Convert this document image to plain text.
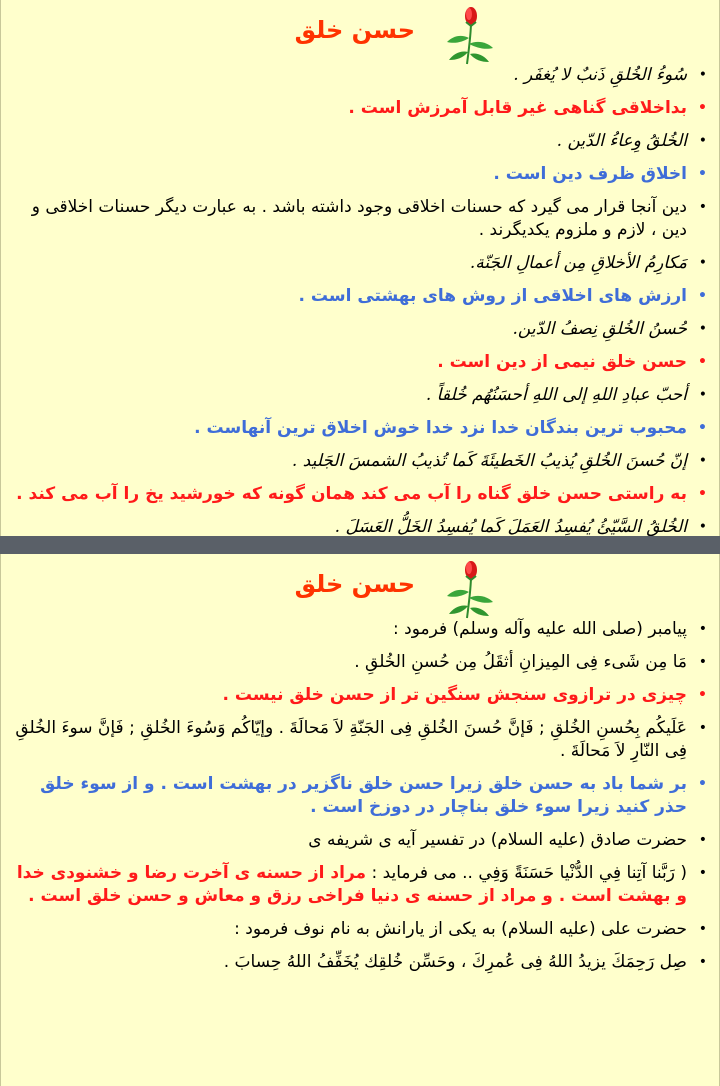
حسن خلق

•
سُوءُ الخُلقِ ذَنبٌ لا يُغفَر .

•
بداخلاقی گناهی غیر قابل آمرزش است .

•
الخُلقُ وِعاءُ الدّين .

•
اخلاق ظرف دین است .

•
دین آنجا قرار می گیرد که حسنات اخلاقی وجود داشته باشد . به عبارت دیگر حسنات اخلاقی و دین ، لازم و ملزوم یکدیگرند .

•
مَكارِمُ الأخلاقِ مِن أعمالِ الجَنّة.

•
ارزش های اخلاقی از روش های بهشتی است .

•
حُسنُ الخُلقِ نِصفُ الدّين.

•
حسن خلق نیمی از دین است .

•
أحبّ عبادِ اللهِ إلى اللهِ أحسَنُهُم خُلقاً .

•
محبوب ترین بندگان خدا نزد خدا خوش اخلاق ترین آنهاست .

•
إنّ حُسنَ الخُلقِ يُذيبُ الخَطيئَةَ كَما تُذيبُ الشمسَ الجَليد .

•
به راستی حسن خلق گناه را آب می کند همان گونه که خورشید یخ را آب می کند .

•
الخُلقُ السَّيّئُ يُفسِدُ العَمَلَ كَما يُفسِدُ الخَلُّ العَسَلَ .

حسن خلق

•
پیامبر (صلی الله علیه وآله وسلم) فرمود :

•
مَا مِن شَیء فِی المِیزانِ أثقَلُ مِن حُسنِ الخُلقِ .

•
چیزی در ترازوی سنجش سنگین تر از حسن خلق نیست .

•
عَلَيكُم بِحُسنِ الخُلقِ ; فَإنَّ حُسنَ الخُلقِ فِی الجَنّةِ لاَ مَحالَةَ . وإيّاكُم وَسُوءَ الخُلقِ ; فَإنَّ سوءَ الخُلقِ فِی النّارِ لاَ مَحالَةَ .

•
بر شما باد به حسن خلق زیرا حسن خلق ناگزیر در بهشت است . و از سوء خلق حذر کنید زیرا سوء خلق بناچار در دوزخ است .

•
حضرت صادق (علیه السلام) در تفسیر آیه ی شریفه ی

•
( رَبَّنا آتِنا فِي الدُّنْيا حَسَنَةً وَفِي .. می فرماید : مراد از حسنه ی آخرت رضا و خشنودی خدا و بهشت است . و مراد از حسنه ی دنیا فراخی رزق و معاش و حسن خلق است .

•
حضرت علی (علیه السلام) به یکی از یارانش به نام نوف فرمود :

•
صِل رَحِمَكَ يزيدُ اللهُ فِی عُمرِكَ ، وحَسِّن خُلقِك يُخَفِّفُ اللهُ حِسابَ .
